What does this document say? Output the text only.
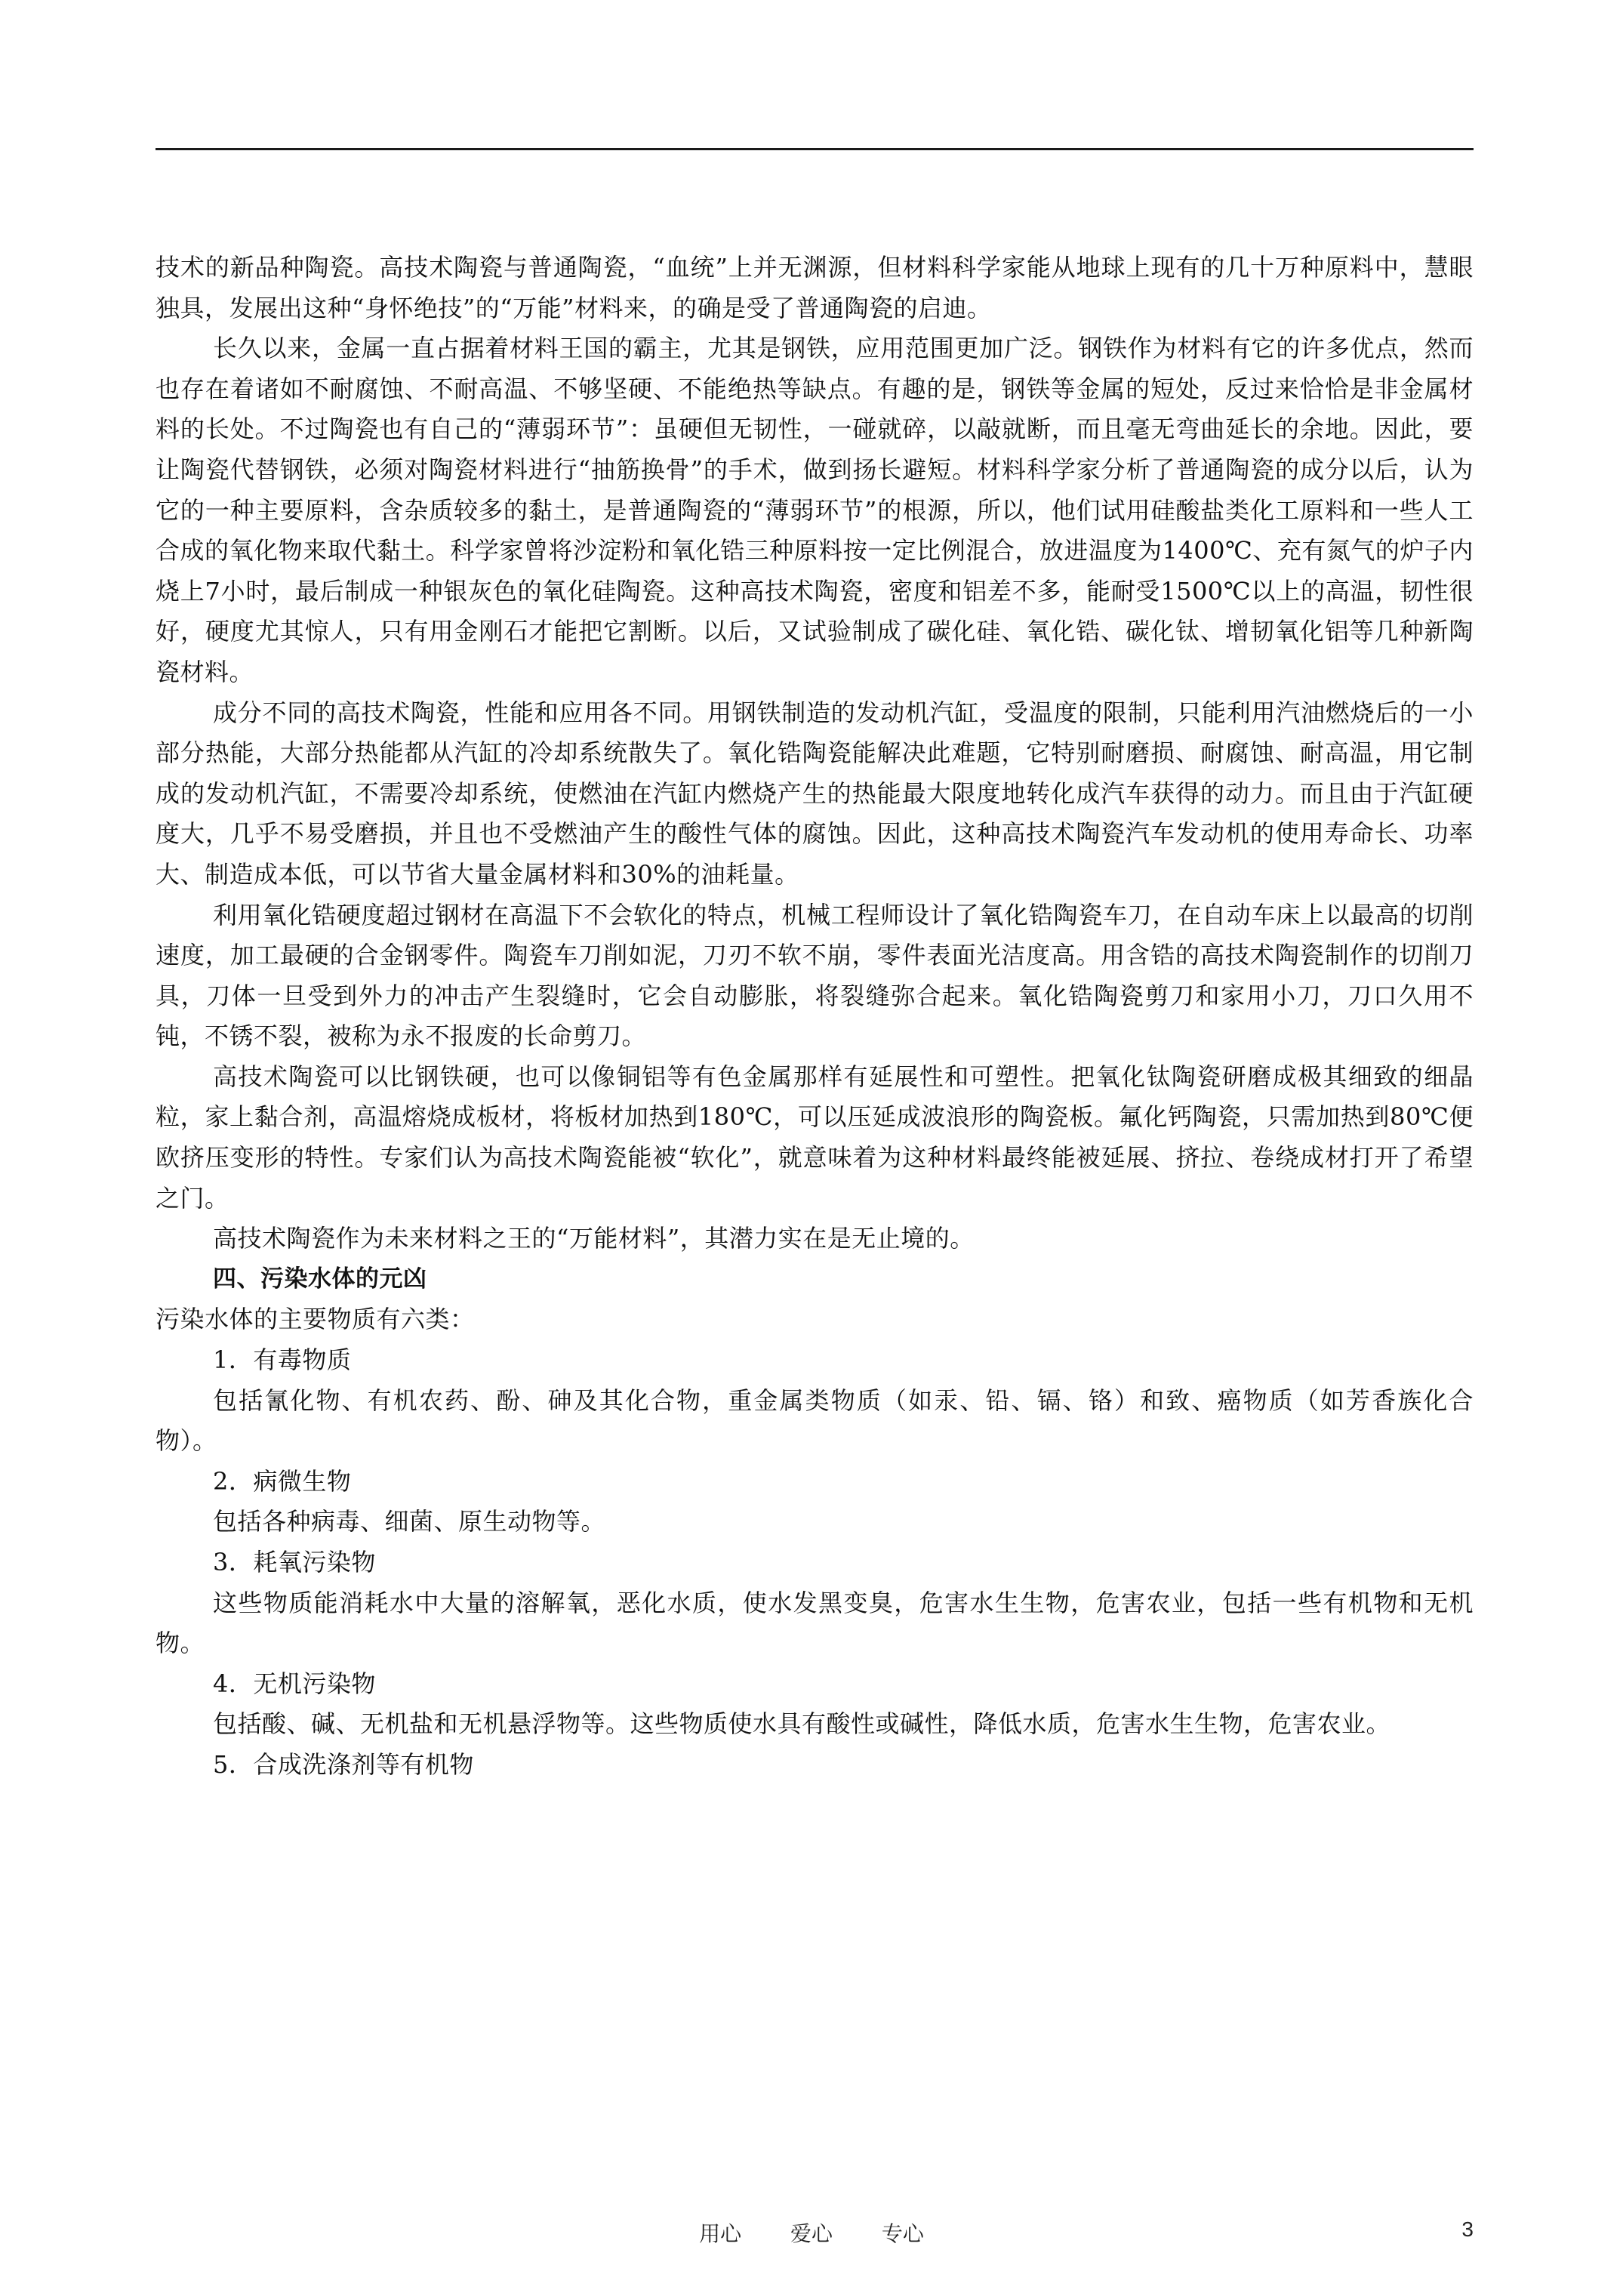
技术的新品种陶瓷。高技术陶瓷与普通陶瓷，“血统”上并无渊源，但材料科学家能从地球上现有的几十万种原料中，慧眼独具，发展出这种“身怀绝技”的“万能”材料来，的确是受了普通陶瓷的启迪。

长久以来，金属一直占据着材料王国的霸主，尤其是钢铁，应用范围更加广泛。钢铁作为材料有它的许多优点，然而也存在着诸如不耐腐蚀、不耐高温、不够坚硬、不能绝热等缺点。有趣的是，钢铁等金属的短处，反过来恰恰是非金属材料的长处。不过陶瓷也有自己的“薄弱环节”：虽硬但无韧性，一碰就碎，以敲就断，而且毫无弯曲延长的余地。因此，要让陶瓷代替钢铁，必须对陶瓷材料进行“抽筋换骨”的手术，做到扬长避短。材料科学家分析了普通陶瓷的成分以后，认为它的一种主要原料，含杂质较多的黏土，是普通陶瓷的“薄弱环节”的根源，所以，他们试用硅酸盐类化工原料和一些人工合成的氧化物来取代黏土。科学家曾将沙淀粉和氧化锆三种原料按一定比例混合，放进温度为1400℃、充有氮气的炉子内烧上7小时，最后制成一种银灰色的氧化硅陶瓷。这种高技术陶瓷，密度和铝差不多，能耐受1500℃以上的高温，韧性很好，硬度尤其惊人，只有用金刚石才能把它割断。以后，又试验制成了碳化硅、氧化锆、碳化钛、增韧氧化铝等几种新陶瓷材料。

成分不同的高技术陶瓷，性能和应用各不同。用钢铁制造的发动机汽缸，受温度的限制，只能利用汽油燃烧后的一小部分热能，大部分热能都从汽缸的冷却系统散失了。氧化锆陶瓷能解决此难题，它特别耐磨损、耐腐蚀、耐高温，用它制成的发动机汽缸，不需要冷却系统，使燃油在汽缸内燃烧产生的热能最大限度地转化成汽车获得的动力。而且由于汽缸硬度大，几乎不易受磨损，并且也不受燃油产生的酸性气体的腐蚀。因此，这种高技术陶瓷汽车发动机的使用寿命长、功率大、制造成本低，可以节省大量金属材料和30%的油耗量。

利用氧化锆硬度超过钢材在高温下不会软化的特点，机械工程师设计了氧化锆陶瓷车刀，在自动车床上以最高的切削速度，加工最硬的合金钢零件。陶瓷车刀削如泥，刀刃不软不崩，零件表面光洁度高。用含锆的高技术陶瓷制作的切削刀具，刀体一旦受到外力的冲击产生裂缝时，它会自动膨胀，将裂缝弥合起来。氧化锆陶瓷剪刀和家用小刀，刀口久用不钝，不锈不裂，被称为永不报废的长命剪刀。

高技术陶瓷可以比钢铁硬，也可以像铜铝等有色金属那样有延展性和可塑性。把氧化钛陶瓷研磨成极其细致的细晶粒，家上黏合剂，高温熔烧成板材，将板材加热到180℃，可以压延成波浪形的陶瓷板。氟化钙陶瓷，只需加热到80℃便欧挤压变形的特性。专家们认为高技术陶瓷能被“软化”，就意味着为这种材料最终能被延展、挤拉、卷绕成材打开了希望之门。

高技术陶瓷作为未来材料之王的“万能材料”，其潜力实在是无止境的。

四、污染水体的元凶

污染水体的主要物质有六类：

1．有毒物质

包括氰化物、有机农药、酚、砷及其化合物，重金属类物质（如汞、铅、镉、铬）和致、癌物质（如芳香族化合物）。

2．病微生物

包括各种病毒、细菌、原生动物等。

3．耗氧污染物

这些物质能消耗水中大量的溶解氧，恶化水质，使水发黑变臭，危害水生生物，危害农业，包括一些有机物和无机物。

4．无机污染物

包括酸、碱、无机盐和无机悬浮物等。这些物质使水具有酸性或碱性，降低水质，危害水生生物，危害农业。

5．合成洗涤剂等有机物

用心 爱心 专心	3
